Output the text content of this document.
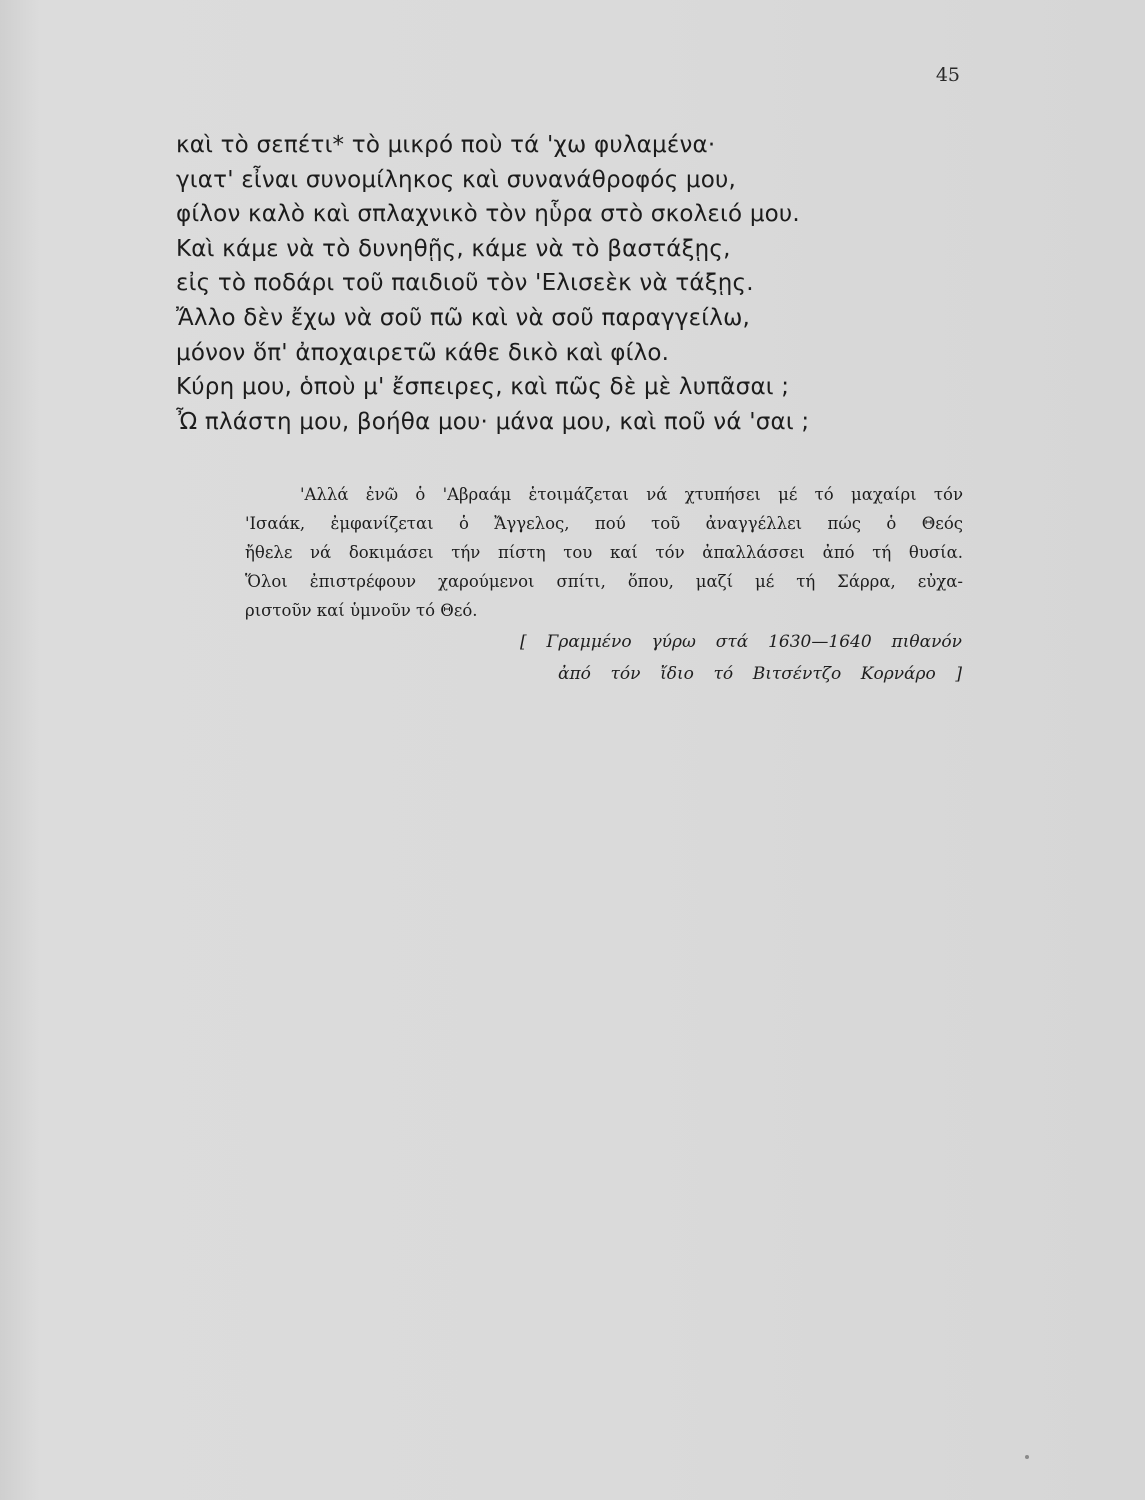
45
καὶ τὸ σεπέτι* τὸ μικρό ποὺ τά 'χω φυλαμένα·
γιατ' εἶναι συνομίληκος καὶ συνανάθροφός μου,
φίλον καλὸ καὶ σπλαχνικὸ τὸν ηὗρα στὸ σκολειό μου.
Καὶ κάμε νὰ τὸ δυνηθῇς, κάμε νὰ τὸ βαστάξῃς,
εἰς τὸ ποδάρι τοῦ παιδιοῦ τὸν 'Ελισεὲκ νὰ τάξῃς.
Ἄλλο δὲν ἔχω νὰ σοῦ πῶ καὶ νὰ σοῦ παραγγείλω,
μόνον ὅπ' ἀποχαιρετῶ κάθε δικὸ καὶ φίλο.
Κύρη μου, ὁποὺ μ' ἔσπειρες, καὶ πῶς δὲ μὲ λυπᾶσαι ;
Ὦ πλάστη μου, βοήθα μου· μάνα μου, καὶ ποῦ νά 'σαι ;
'Αλλά ἐνῶ ὁ 'Αβραάμ ἑτοιμάζεται νά χτυπήσει μέ τό μαχαίρι τόν
'Ισαάκ, ἐμφανίζεται ὁ Ἄγγελος, πού τοῦ ἀναγγέλλει πώς ὁ Θεός
ἤθελε νά δοκιμάσει τήν πίστη του καί τόν ἀπαλλάσσει ἀπό τή θυσία.
Ὅλοι ἐπιστρέφουν χαρούμενοι σπίτι, ὅπου, μαζί μέ τή Σάρρα, εὐχα-
ριστοῦν καί ὑμνοῦν τό Θεό.
[ Γραμμένο γύρω στά 1630—1640 πιθανόν
ἀπό τόν ἴδιο τό Βιτσέντζο Κορνάρο ]
